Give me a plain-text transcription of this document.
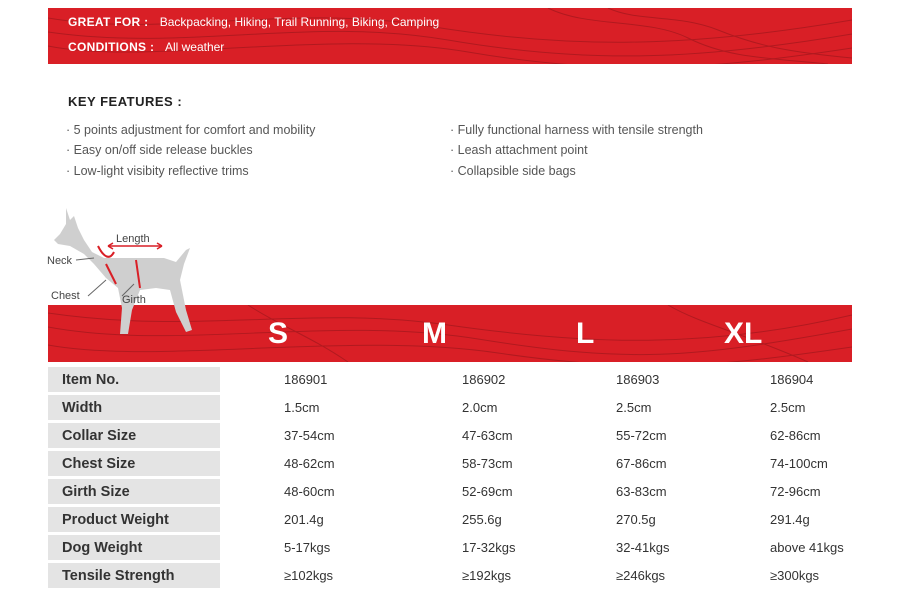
GREAT FOR : Backpacking, Hiking, Trail Running, Biking, Camping
CONDITIONS : All weather
KEY FEATURES :
· 5 points adjustment for comfort and mobility
· Easy on/off side release buckles
· Low-light visibity reflective trims
· Fully functional harness with tensile strength
· Leash attachment point
· Collapsible side bags
S	M	L	XL
Length
Neck
Chest	Girth
Item No.	186901	186902	186903	186904
Width	1.5cm	2.0cm	2.5cm	2.5cm
Collar Size	37-54cm	47-63cm	55-72cm	62-86cm
Chest Size	48-62cm	58-73cm	67-86cm	74-100cm
Girth Size	48-60cm	52-69cm	63-83cm	72-96cm
Product Weight	201.4g	255.6g	270.5g	291.4g
Dog Weight	5-17kgs	17-32kgs	32-41kgs	above 41kgs
Tensile Strength	≥102kgs	≥192kgs	≥246kgs	≥300kgs
